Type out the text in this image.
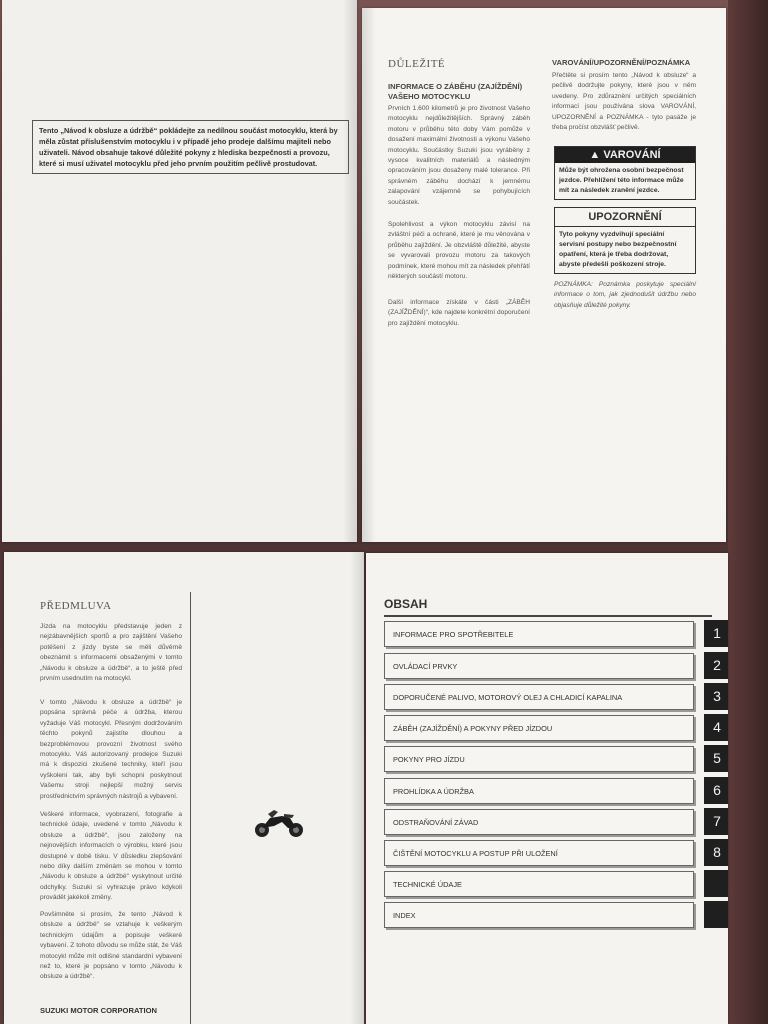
Tento „Návod k obsluze a údržbě“ pokládejte za nedílnou součást motocyklu, která by měla zůstat příslušenstvím motocyklu i v případě jeho prodeje dalšímu majiteli nebo uživateli. Návod obsahuje takové důležité pokyny z hlediska bezpečnosti a provozu, které si musí uživatel motocyklu před jeho prvním použitím pečlivě prostudovat.
DŮLEŽITÉ
INFORMACE O ZÁBĚHU (ZAJÍŽDĚNÍ) VAŠEHO MOTOCYKLU
Prvních 1.600 kilometrů je pro životnost Vašeho motocyklu nejdůležitějších. Správný záběh motoru v průběhu této doby Vám pomůže v dosažení maximální životnosti a výkonu Vašeho motocyklu. Součástky Suzuki jsou vyráběny z vysoce kvalitních materiálů a následným opracováním jsou dosaženy malé tolerance. Při správném záběhu dochází k jemnému zalapování vzájemně se pohybujících součástek.
Spolehlivost a výkon motocyklu závisí na zvláštní péči a ochraně, které je mu věnována v průběhu zajíždění. Je obzvláště důležité, abyste se vyvarovali provozu motoru za takových podmínek, které mohou mít za následek přehřátí některých součástí motoru.
Další informace získáte v části „ZÁBĚH (ZAJÍŽDĚNÍ)“, kde najdete konkrétní doporučení pro zajíždění motocyklu.
VAROVÁNÍ/UPOZORNĚNÍ/POZNÁMKA
Přečtěte si prosím tento „Návod k obsluze“ a pečlivě dodržujte pokyny, které jsou v něm uvedeny. Pro zdůraznění určitých speciálních informací jsou používána slova VAROVÁNÍ, UPOZORNĚNÍ a POZNÁMKA - tyto pasáže je třeba pročíst obzvlášť pečlivě.
▲ VAROVÁNÍ
Může být ohrožena osobní bezpečnost jezdce. Přehlížení této informace může mít za následek zranění jezdce.
UPOZORNĚNÍ
Tyto pokyny vyzdvihují speciální servisní postupy nebo bezpečnostní opatření, která je třeba dodržovat, abyste předešli poškození stroje.
POZNÁMKA: Poznámka poskytuje speciální informace o tom, jak zjednodušit údržbu nebo objasňuje důležité pokyny.
PŘEDMLUVA
Jízda na motocyklu představuje jeden z nejzábavnějších sportů a pro zajištění Vašeho potěšení z jízdy byste se měli důvěrně obeznámit s informacemi obsaženými v tomto „Návodu k obsluze a údržbě“, a to ještě před prvním usednutím na motocykl.
V tomto „Návodu k obsluze a údržbě“ je popsána správná péče a údržba, kterou vyžaduje Váš motocykl. Přesným dodržováním těchto pokynů zajistíte dlouhou a bezproblémovou provozní životnost svého motocyklu. Váš autorizovaný prodejce Suzuki má k dispozici zkušené techniky, kteří jsou vyškoleni tak, aby byli schopni poskytnout Vašemu stroji nejlepší možný servis prostřednictvím správných nástrojů a vybavení.
Veškeré informace, vyobrazení, fotografie a technické údaje, uvedené v tomto „Návodu k obsluze a údržbě“, jsou založeny na nejnovějších informacích o výrobku, které jsou dostupné v době tisku. V důsledku zlepšování nebo díky dalším změnám se mohou v tomto „Návodu k obsluze a údržbě“ vyskytnout určité odchylky. Suzuki si vyhrazuje právo kdykoli provádět jakékoli změny.
Povšimněte si prosím, že tento „Návod k obsluze a údržbě“ se vztahuje k veškerým technickým údajům a popisuje veškeré vybavení. Z tohoto důvodu se může stát, že Váš motocykl může mít odlišné standardní vybavení než to, které je popsáno v tomto „Návodu k obsluze a údržbě“.
SUZUKI MOTOR CORPORATION
OBSAH
INFORMACE PRO SPOTŘEBITELE	1
OVLÁDACÍ PRVKY	2
DOPORUČENÉ PALIVO, MOTOROVÝ OLEJ A CHLADICÍ KAPALINA	3
ZÁBĚH (ZAJÍŽDĚNÍ) A POKYNY PŘED JÍZDOU	4
POKYNY PRO JÍZDU	5
PROHLÍDKA A ÚDRŽBA	6
ODSTRAŇOVÁNÍ ZÁVAD	7
ČIŠTĚNÍ MOTOCYKLU A POSTUP PŘI ULOŽENÍ	8
TECHNICKÉ ÚDAJE
INDEX
